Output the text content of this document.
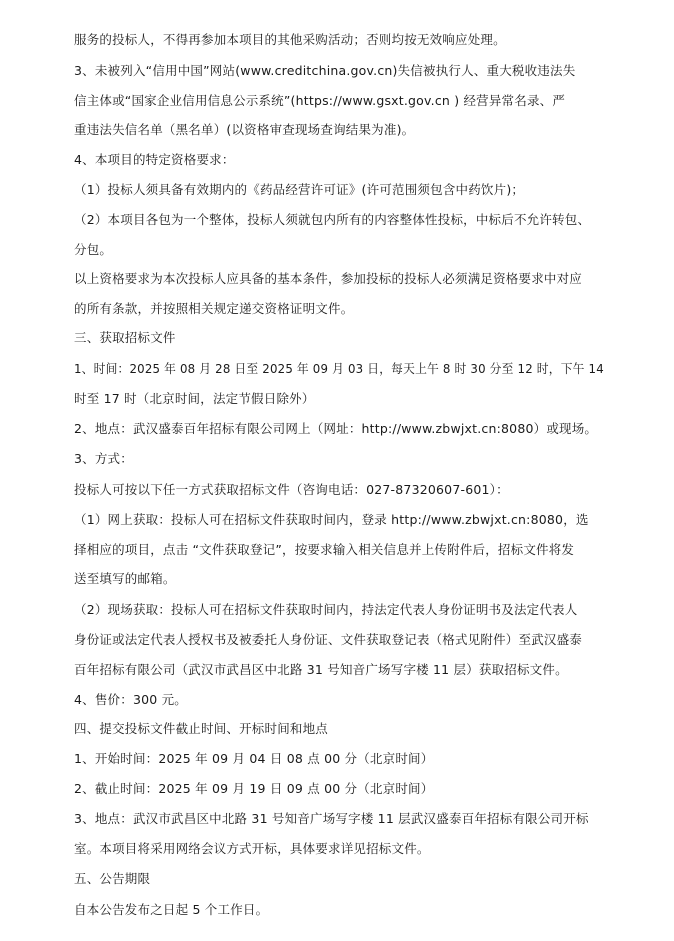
服务的投标人，不得再参加本项目的其他采购活动；否则均按无效响应处理。
3、未被列入“信用中国”网站(www.creditchina.gov.cn)失信被执行人、重大税收违法失
信主体或“国家企业信用信息公示系统”(https://www.gsxt.gov.cn ) 经营异常名录、严
重违法失信名单（黑名单）(以资格审查现场查询结果为准)。
4、本项目的特定资格要求：
（1）投标人须具备有效期内的《药品经营许可证》(许可范围须包含中药饮片)；
（2）本项目各包为一个整体，投标人须就包内所有的内容整体性投标，中标后不允许转包、
分包。
以上资格要求为本次投标人应具备的基本条件，参加投标的投标人必须满足资格要求中对应
的所有条款，并按照相关规定递交资格证明文件。
三、获取招标文件
1、时间：2025 年 08 月 28 日至 2025 年 09 月 03 日，每天上午 8 时 30 分至 12 时，下午 14
时至 17 时（北京时间，法定节假日除外）
2、地点：武汉盛泰百年招标有限公司网上（网址：http://www.zbwjxt.cn:8080）或现场。
3、方式：
投标人可按以下任一方式获取招标文件（咨询电话：027-87320607-601）：
（1）网上获取：投标人可在招标文件获取时间内，登录 http://www.zbwjxt.cn:8080，选
择相应的项目，点击 “文件获取登记”，按要求输入相关信息并上传附件后，招标文件将发
送至填写的邮箱。
（2）现场获取：投标人可在招标文件获取时间内，持法定代表人身份证明书及法定代表人
身份证或法定代表人授权书及被委托人身份证、文件获取登记表（格式见附件）至武汉盛泰
百年招标有限公司（武汉市武昌区中北路 31 号知音广场写字楼 11 层）获取招标文件。
4、售价：300 元。
四、提交投标文件截止时间、开标时间和地点
1、开始时间：2025 年 09 月 04 日 08 点 00 分（北京时间）
2、截止时间：2025 年 09 月 19 日 09 点 00 分（北京时间）
3、地点：武汉市武昌区中北路 31 号知音广场写字楼 11 层武汉盛泰百年招标有限公司开标
室。本项目将采用网络会议方式开标，具体要求详见招标文件。
五、公告期限
自本公告发布之日起 5 个工作日。
